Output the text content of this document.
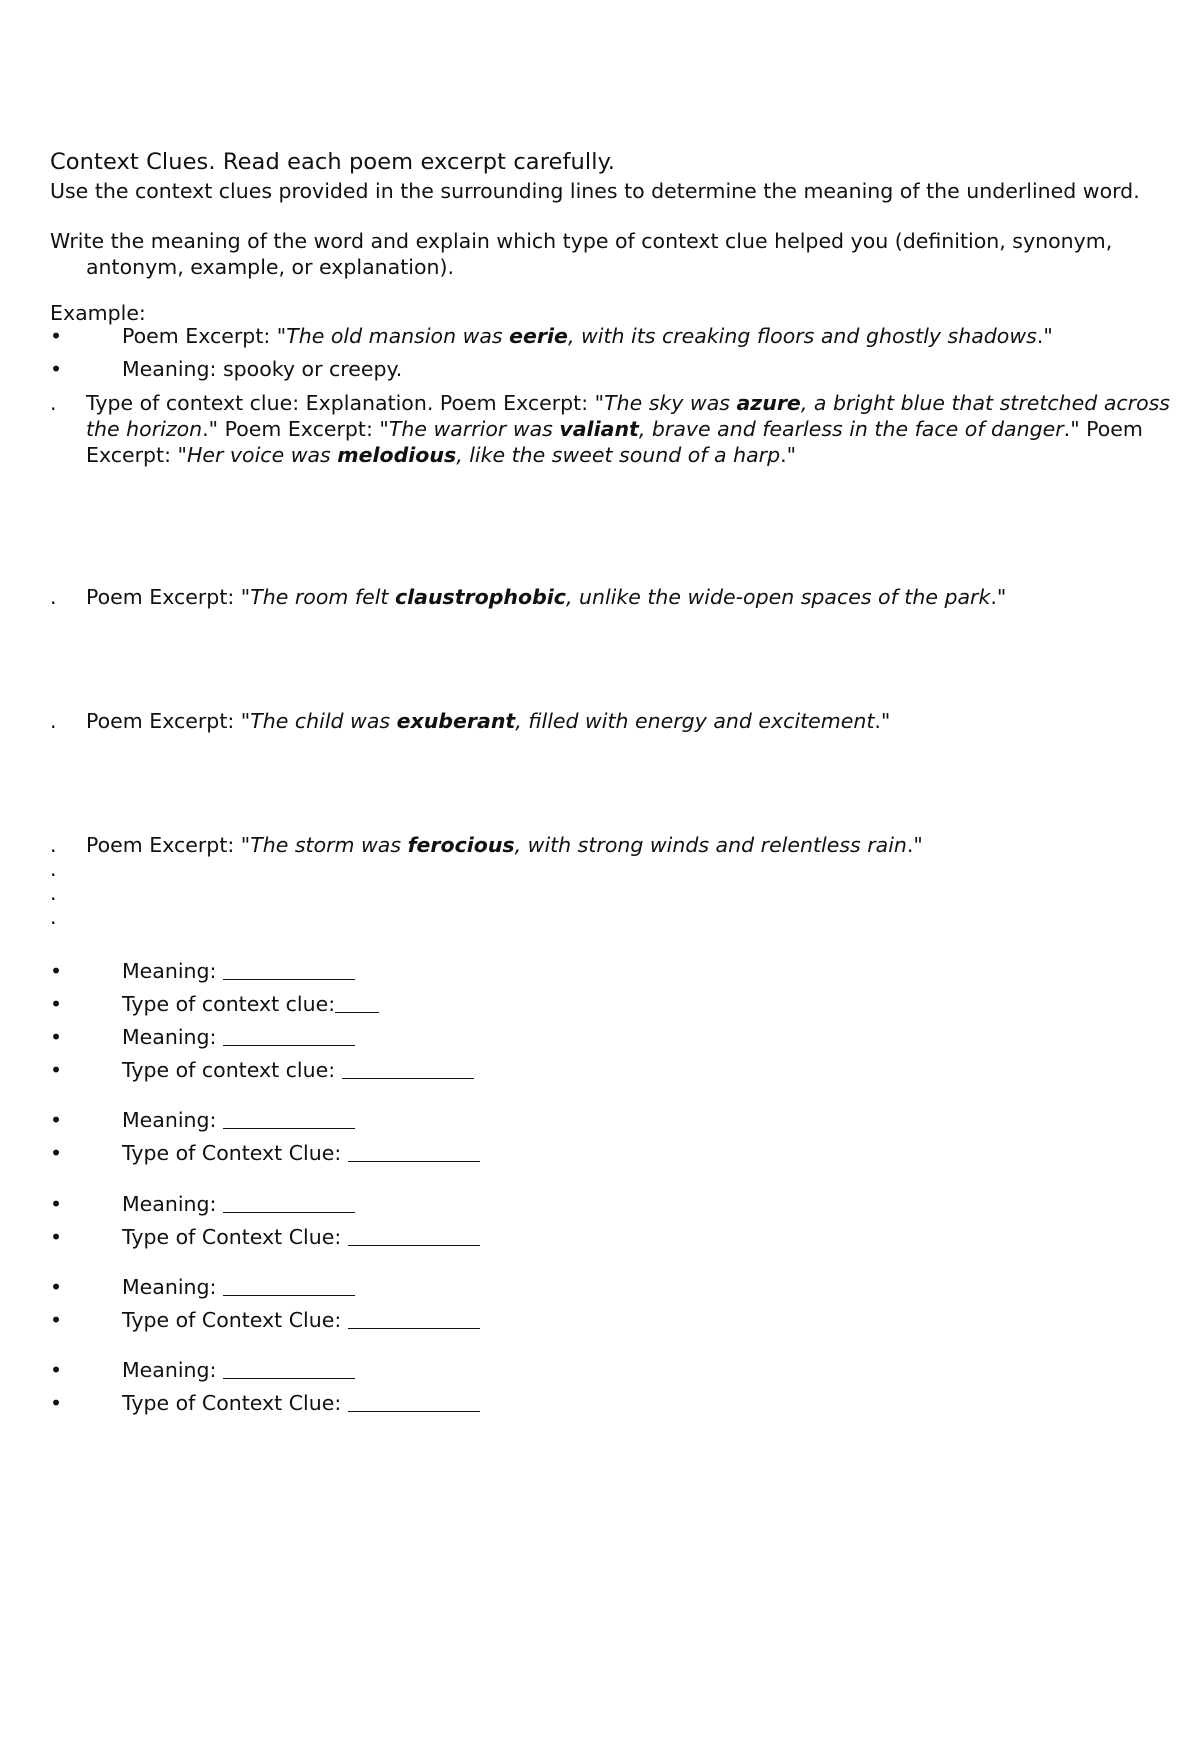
Context Clues. Read each poem excerpt carefully.
Use the context clues provided in the surrounding lines to determine the meaning of the underlined word.
Write the meaning of the word and explain which type of context clue helped you (definition, synonym, antonym, example, or explanation).
Example:
•	Poem Excerpt: "The old mansion was eerie, with its creaking floors and ghostly shadows."
•	Meaning: spooky or creepy.
.	Type of context clue: Explanation. Poem Excerpt: "The sky was azure, a bright blue that stretched across the horizon." Poem Excerpt: "The warrior was valiant, brave and fearless in the face of danger." Poem Excerpt: "Her voice was melodious, like the sweet sound of a harp."
.	Poem Excerpt: "The room felt claustrophobic, unlike the wide-open spaces of the park."
.	Poem Excerpt: "The child was exuberant, filled with energy and excitement."
.	Poem Excerpt: "The storm was ferocious, with strong winds and relentless rain."
.
.
.
•	Meaning:
•	Type of context clue:
•	Meaning:
•	Type of context clue:
•	Meaning:
•	Type of Context Clue:
•	Meaning:
•	Type of Context Clue:
•	Meaning:
•	Type of Context Clue:
•	Meaning:
•	Type of Context Clue:
